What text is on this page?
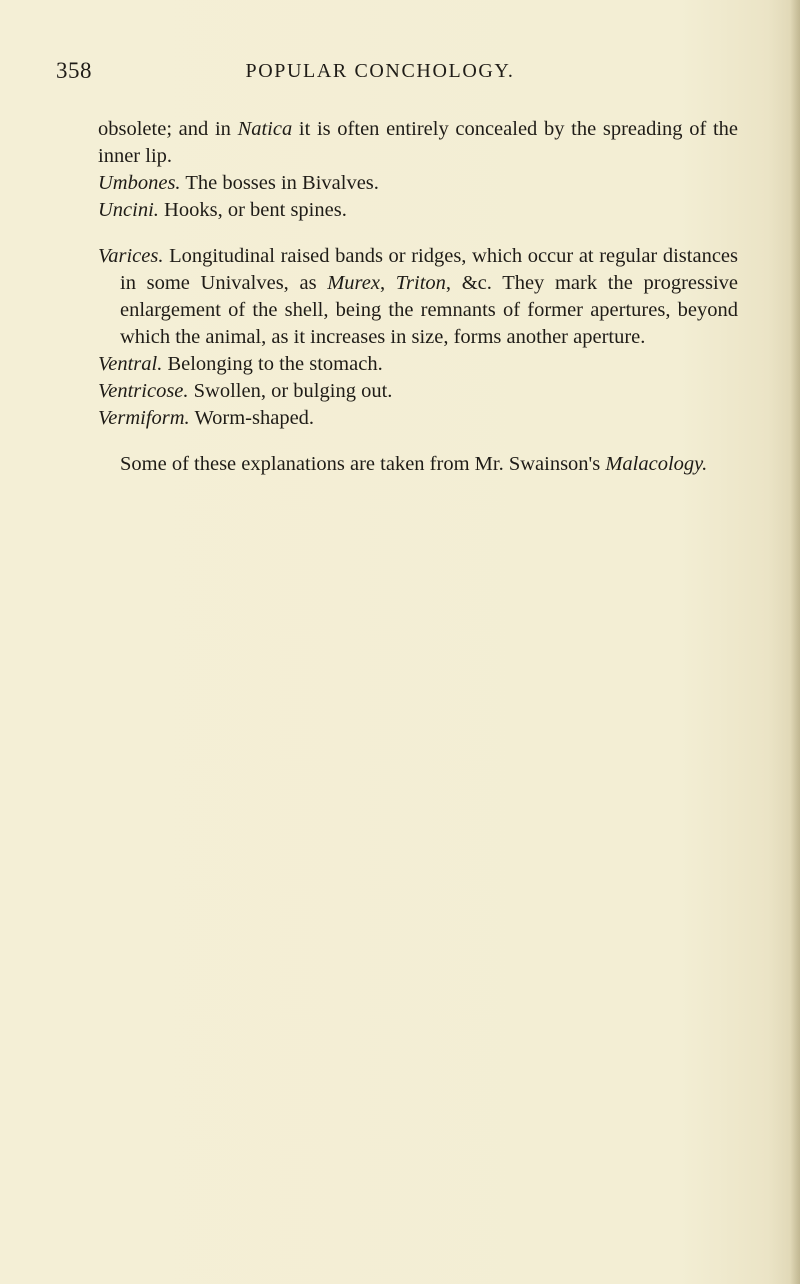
358	POPULAR CONCHOLOGY.

obsolete; and in Natica it is often entirely concealed by the spreading of the inner lip.

Umbones. The bosses in Bivalves.

Uncini. Hooks, or bent spines.

Varices. Longitudinal raised bands or ridges, which occur at regular distances in some Univalves, as Murex, Triton, &c. They mark the progressive enlargement of the shell, being the remnants of former apertures, beyond which the animal, as it increases in size, forms another aperture.

Ventral. Belonging to the stomach.

Ventricose. Swollen, or bulging out.

Vermiform. Worm-shaped.

Some of these explanations are taken from Mr. Swainson's Malacology.
